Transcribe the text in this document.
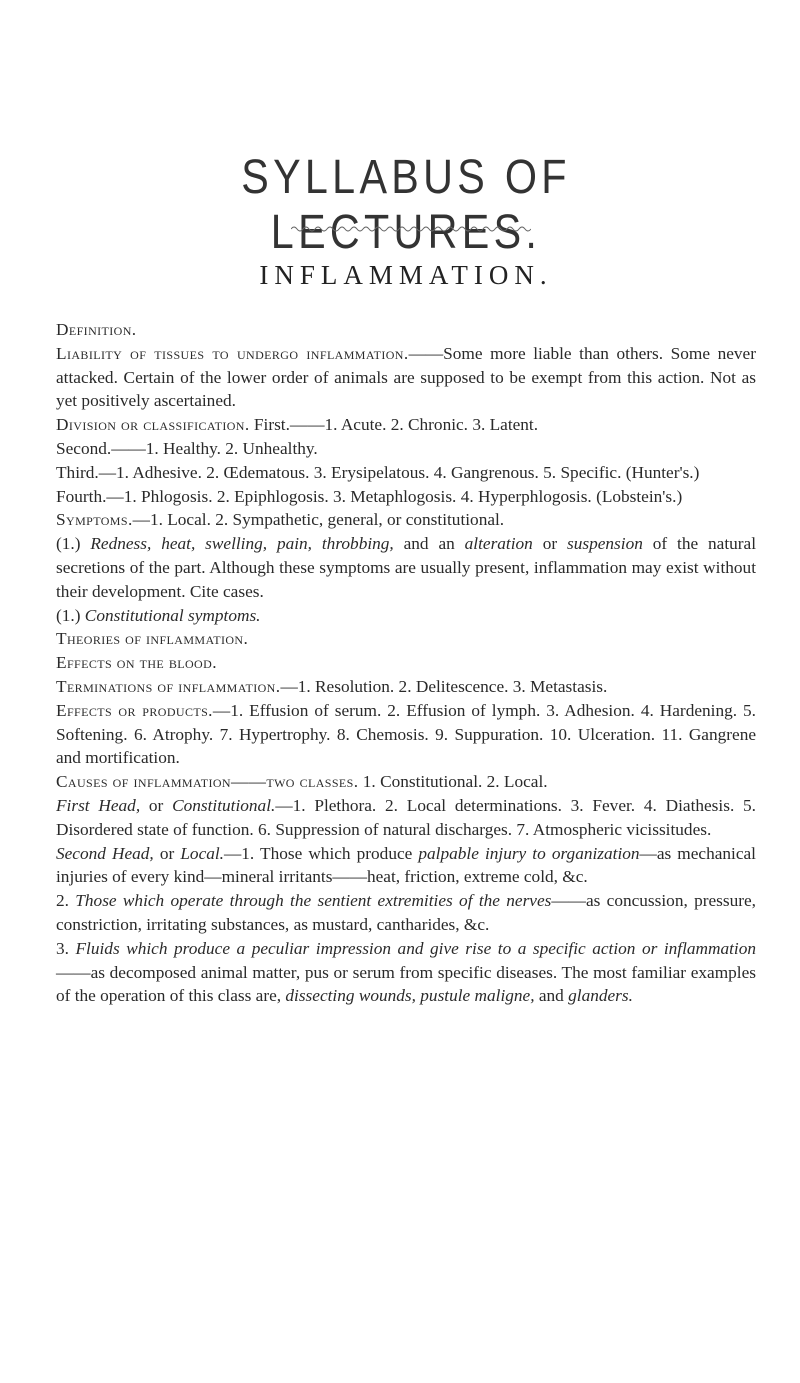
SYLLABUS OF LECTURES.
INFLAMMATION.

Definition.

Liability of tissues to undergo inflammation.——Some more liable than others. Some never attacked. Certain of the lower order of animals are supposed to be exempt from this action. Not as yet positively ascertained.

Division or classification. First.——1. Acute. 2. Chronic. 3. Latent.

Second.——1. Healthy. 2. Unhealthy.

Third.—1. Adhesive. 2. Œdematous. 3. Erysipelatous. 4. Gangrenous. 5. Specific. (Hunter's.)

Fourth.—1. Phlogosis. 2. Epiphlogosis. 3. Metaphlogosis. 4. Hyperphlogosis. (Lobstein's.)

Symptoms.—1. Local. 2. Sympathetic, general, or constitutional.

(1.) Redness, heat, swelling, pain, throbbing, and an alteration or suspension of the natural secretions of the part. Although these symptoms are usually present, inflammation may exist without their development. Cite cases.

(1.) Constitutional symptoms.

Theories of inflammation.

Effects on the blood.

Terminations of inflammation.—1. Resolution. 2. Delitescence. 3. Metastasis.

Effects or products.—1. Effusion of serum. 2. Effusion of lymph. 3. Adhesion. 4. Hardening. 5. Softening. 6. Atrophy. 7. Hypertrophy. 8. Chemosis. 9. Suppuration. 10. Ulceration. 11. Gangrene and mortification.

Causes of inflammation——two classes. 1. Constitutional. 2. Local.

First Head, or Constitutional.—1. Plethora. 2. Local determinations. 3. Fever. 4. Diathesis. 5. Disordered state of function. 6. Suppression of natural discharges. 7. Atmospheric vicissitudes.

Second Head, or Local.—1. Those which produce palpable injury to organization—as mechanical injuries of every kind—mineral irritants——heat, friction, extreme cold, &c.

2. Those which operate through the sentient extremities of the nerves——as concussion, pressure, constriction, irritating substances, as mustard, cantharides, &c.

3. Fluids which produce a peculiar impression and give rise to a specific action or inflammation——as decomposed animal matter, pus or serum from specific diseases. The most familiar examples of the operation of this class are, dissecting wounds, pustule maligne, and glanders.
